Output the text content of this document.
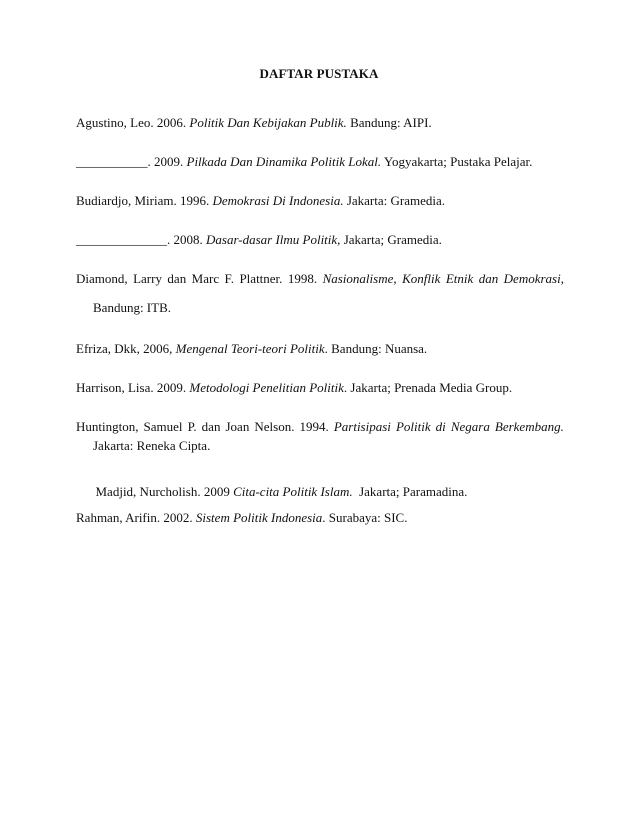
DAFTAR PUSTAKA
Agustino, Leo. 2006. Politik Dan Kebijakan Publik. Bandung: AIPI.
___________. 2009. Pilkada Dan Dinamika Politik Lokal. Yogyakarta; Pustaka Pelajar.
Budiardjo, Miriam. 1996. Demokrasi Di Indonesia. Jakarta: Gramedia.
______________. 2008. Dasar-dasar Ilmu Politik, Jakarta; Gramedia.
Diamond, Larry dan Marc F. Plattner. 1998. Nasionalisme, Konflik Etnik dan Demokrasi,
Bandung: ITB.
Efriza, Dkk, 2006, Mengenal Teori-teori Politik. Bandung: Nuansa.
Harrison, Lisa. 2009. Metodologi Penelitian Politik. Jakarta; Prenada Media Group.
Huntington, Samuel P. dan Joan Nelson. 1994. Partisipasi Politik di Negara Berkembang.
Jakarta: Reneka Cipta.

Madjid, Nurcholish. 2009 Cita-cita Politik Islam.  Jakarta; Paramadina.

Rahman, Arifin. 2002. Sistem Politik Indonesia. Surabaya: SIC.
